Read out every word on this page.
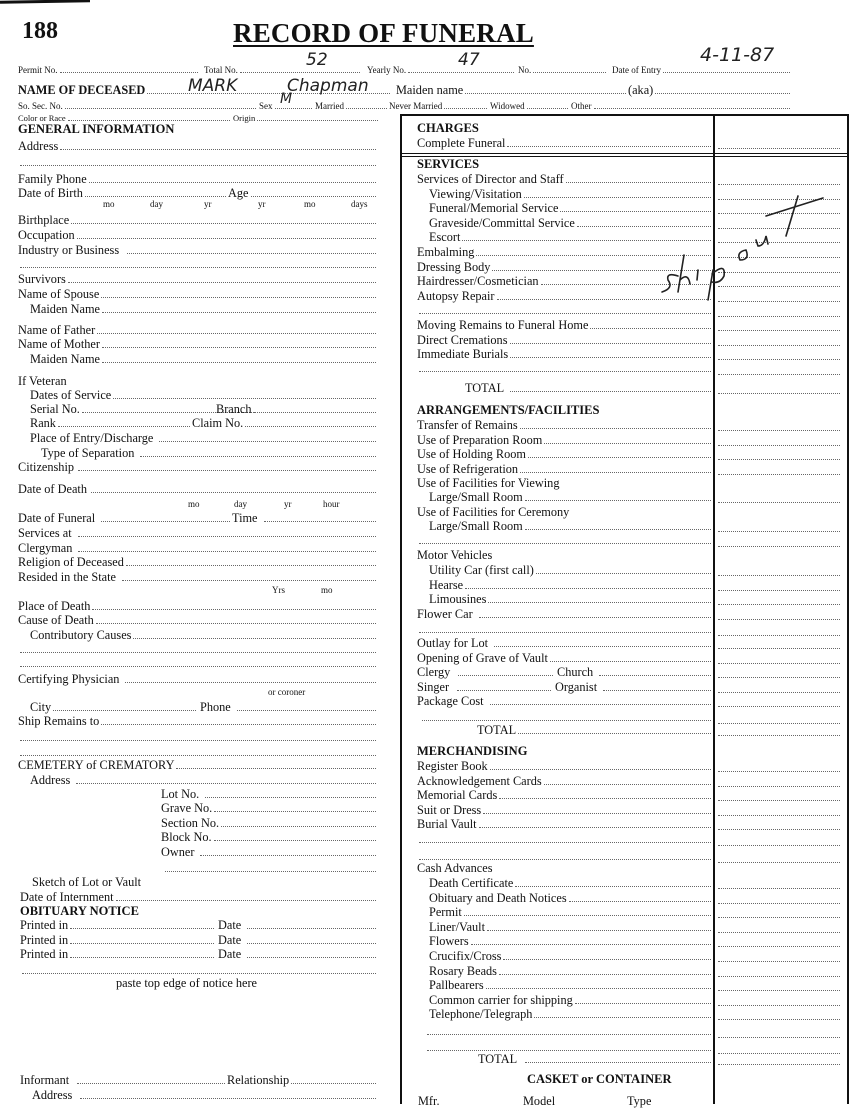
188	RECORD OF FUNERAL
Permit No.	Total No.	52	Yearly No.	47	No.	Date of Entry
4-11-87
NAME OF DECEASED	MARK	Chapman Maiden name	(aka)
So. Sec. No.	Sex M	Married	Never Married	Widowed	Other
Color or Race	Origin
GENERAL INFORMATION
Address
Family Phone
Date of Birth	Age
mo	day	yr	yr	mo	days
Birthplace
Occupation
Industry or Business
Survivors
Name of Spouse
Maiden Name
Name of Father
Name of Mother
Maiden Name
If Veteran
Dates of Service
Serial No.	Branch
Rank	Claim No.
Place of Entry/Discharge
Type of Separation
Citizenship
Date of Death
mo	day	yr	hour
Date of Funeral	Time
Services at
Clergyman
Religion of Deceased
Resided in the State
Yrs	mo
Place of Death
Cause of Death
Contributory Causes
Certifying Physician
or coroner
City	Phone
Ship Remains to
CEMETERY of CREMATORY
Address
Lot No.
Grave No.
Section No.
Block No.
Owner
Sketch of Lot or Vault
Date of Internment
OBITUARY NOTICE
Printed in	Date
Printed in	Date
Printed in	Date
paste top edge of notice here
Informant	Relationship
Address
CHARGES
Complete Funeral
SERVICES
Services of Director and Staff
Viewing/Visitation
Funeral/Memorial Service
Graveside/Committal Service
Escort
Embalming
Dressing Body
Hairdresser/Cosmetician
Autopsy Repair
Moving Remains to Funeral Home
Direct Cremations
Immediate Burials
TOTAL
ARRANGEMENTS/FACILITIES
Transfer of Remains
Use of Preparation Room
Use of Holding Room
Use of Refrigeration
Use of Facilities for Viewing
Large/Small Room
Use of Facilities for Ceremony
Large/Small Room
Motor Vehicles
Utility Car (first call)
Hearse
Limousines
Flower Car
Outlay for Lot
Opening of Grave of Vault
Clergy	Church
Singer	Organist
Package Cost
TOTAL
MERCHANDISING
Register Book
Acknowledgement Cards
Memorial Cards
Suit or Dress
Burial Vault
Cash Advances
Death Certificate
Obituary and Death Notices
Permit
Liner/Vault
Flowers
Crucifix/Cross
Rosary Beads
Pallbearers
Common carrier for shipping
Telephone/Telegraph
TOTAL
CASKET or CONTAINER
Mfr.	Model	Type
